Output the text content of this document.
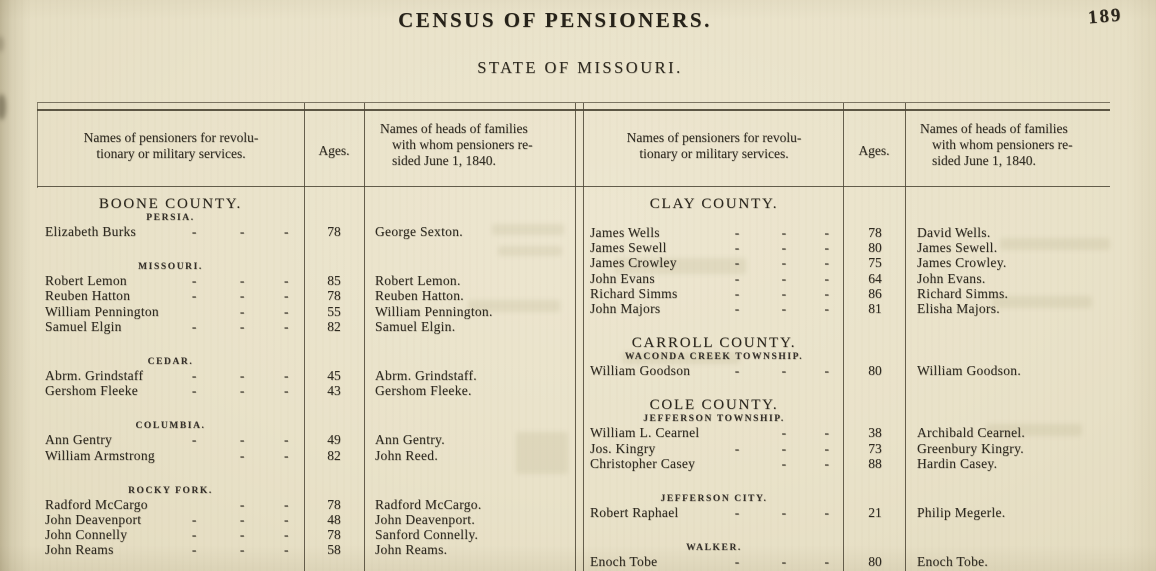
CENSUS OF PENSIONERS.	189
STATE OF MISSOURI.
Names of pensioners for revolu-
tionary or military services.	Ages.
Names of heads of families
with whom pensioners re-
sided June 1, 1840.
Names of pensioners for revolu-
tionary or military services.	Ages.
Names of heads of families
with whom pensioners re-
sided June 1, 1840.
BOONE COUNTY.
PERSIA.
Elizabeth Burks	-	-	-	78	George Sexton.
MISSOURI.
Robert Lemon	-	-	-	85	Robert Lemon.
Reuben Hatton	-	-	-	78	Reuben Hatton.
William Pennington	-	-	55	William Pennington.
Samuel Elgin	-	-	-	82	Samuel Elgin.
CEDAR.
Abrm. Grindstaff	-	-	-	45	Abrm. Grindstaff.
Gershom Fleeke	-	-	-	43	Gershom Fleeke.
COLUMBIA.
Ann Gentry	-	-	-	49	Ann Gentry.
William Armstrong	-	-	82	John Reed.
ROCKY FORK.
Radford McCargo	-	-	78	Radford McCargo.
John Deavenport	-	-	-	48	John Deavenport.
John Connelly	-	-	-	78	Sanford Connelly.
John Reams	-	-	-	58	John Reams.
CLAY COUNTY.
James Wells	-	-	-	78	David Wells.
James Sewell	-	-	-	80	James Sewell.
James Crowley	-	-	-	75	James Crowley.
John Evans	-	-	-	64	John Evans.
Richard Simms	-	-	-	86	Richard Simms.
John Majors	-	-	-	81	Elisha Majors.
CARROLL COUNTY.
WACONDA CREEK TOWNSHIP.
William Goodson	-	-	-	80	William Goodson.
COLE COUNTY.
JEFFERSON TOWNSHIP.
William L. Cearnel	-	-	38	Archibald Cearnel.
Jos. Kingry	-	-	-	73	Greenbury Kingry.
Christopher Casey	-	-	88	Hardin Casey.
JEFFERSON CITY.
Robert Raphael	-	-	-	21	Philip Megerle.
WALKER.
Enoch Tobe	-	-	-	80	Enoch Tobe.
